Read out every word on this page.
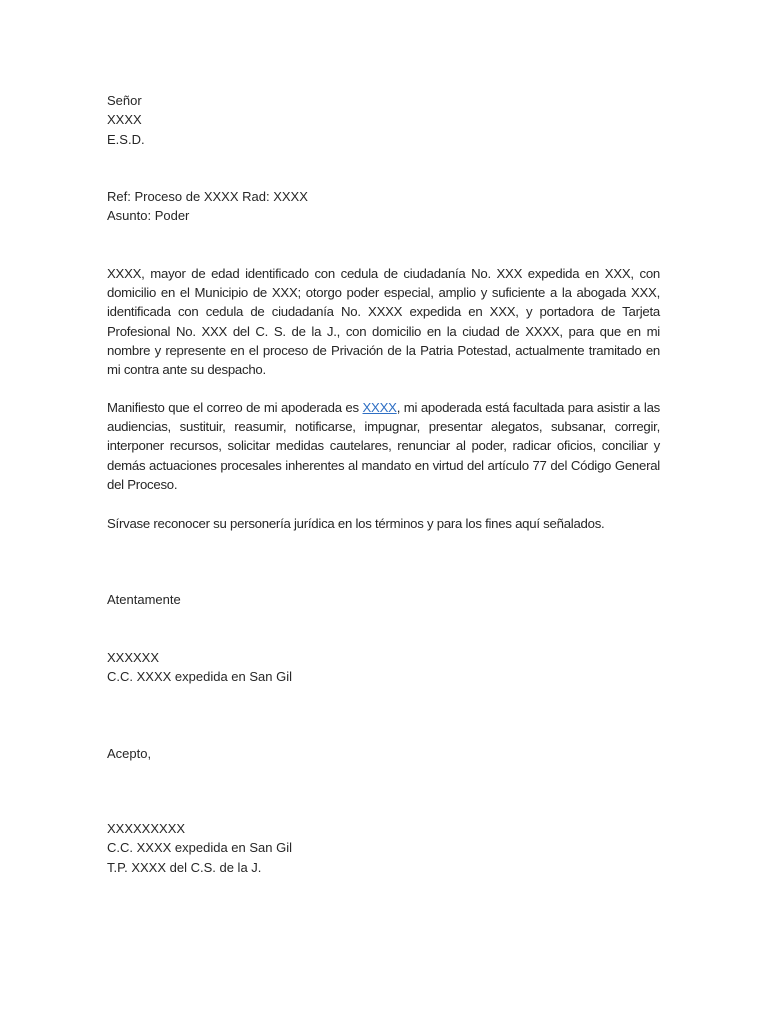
Señor
XXXX
E.S.D.
Ref: Proceso de XXXX Rad: XXXX
Asunto: Poder
XXXX, mayor de edad identificado con cedula de ciudadanía No. XXX expedida en XXX, con domicilio en el Municipio de XXX; otorgo poder especial, amplio y suficiente a la abogada XXX, identificada con cedula de ciudadanía No. XXXX expedida en XXX, y portadora de Tarjeta Profesional No. XXX del C. S. de la J., con domicilio en la ciudad de XXXX, para que en mi nombre y represente en el proceso de Privación de la Patria Potestad, actualmente tramitado en mi contra ante su despacho.
Manifiesto que el correo de mi apoderada es XXXX, mi apoderada está facultada para asistir a las audiencias, sustituir, reasumir, notificarse, impugnar, presentar alegatos, subsanar, corregir, interponer recursos, solicitar medidas cautelares, renunciar al poder, radicar oficios, conciliar y demás actuaciones procesales inherentes al mandato en virtud del artículo 77 del Código General del Proceso.
Sírvase reconocer su personería jurídica en los términos y para los fines aquí señalados.
Atentamente
XXXXXX
C.C. XXXX expedida en San Gil
Acepto,
XXXXXXXXX
C.C. XXXX expedida en San Gil
T.P. XXXX del C.S. de la J.
